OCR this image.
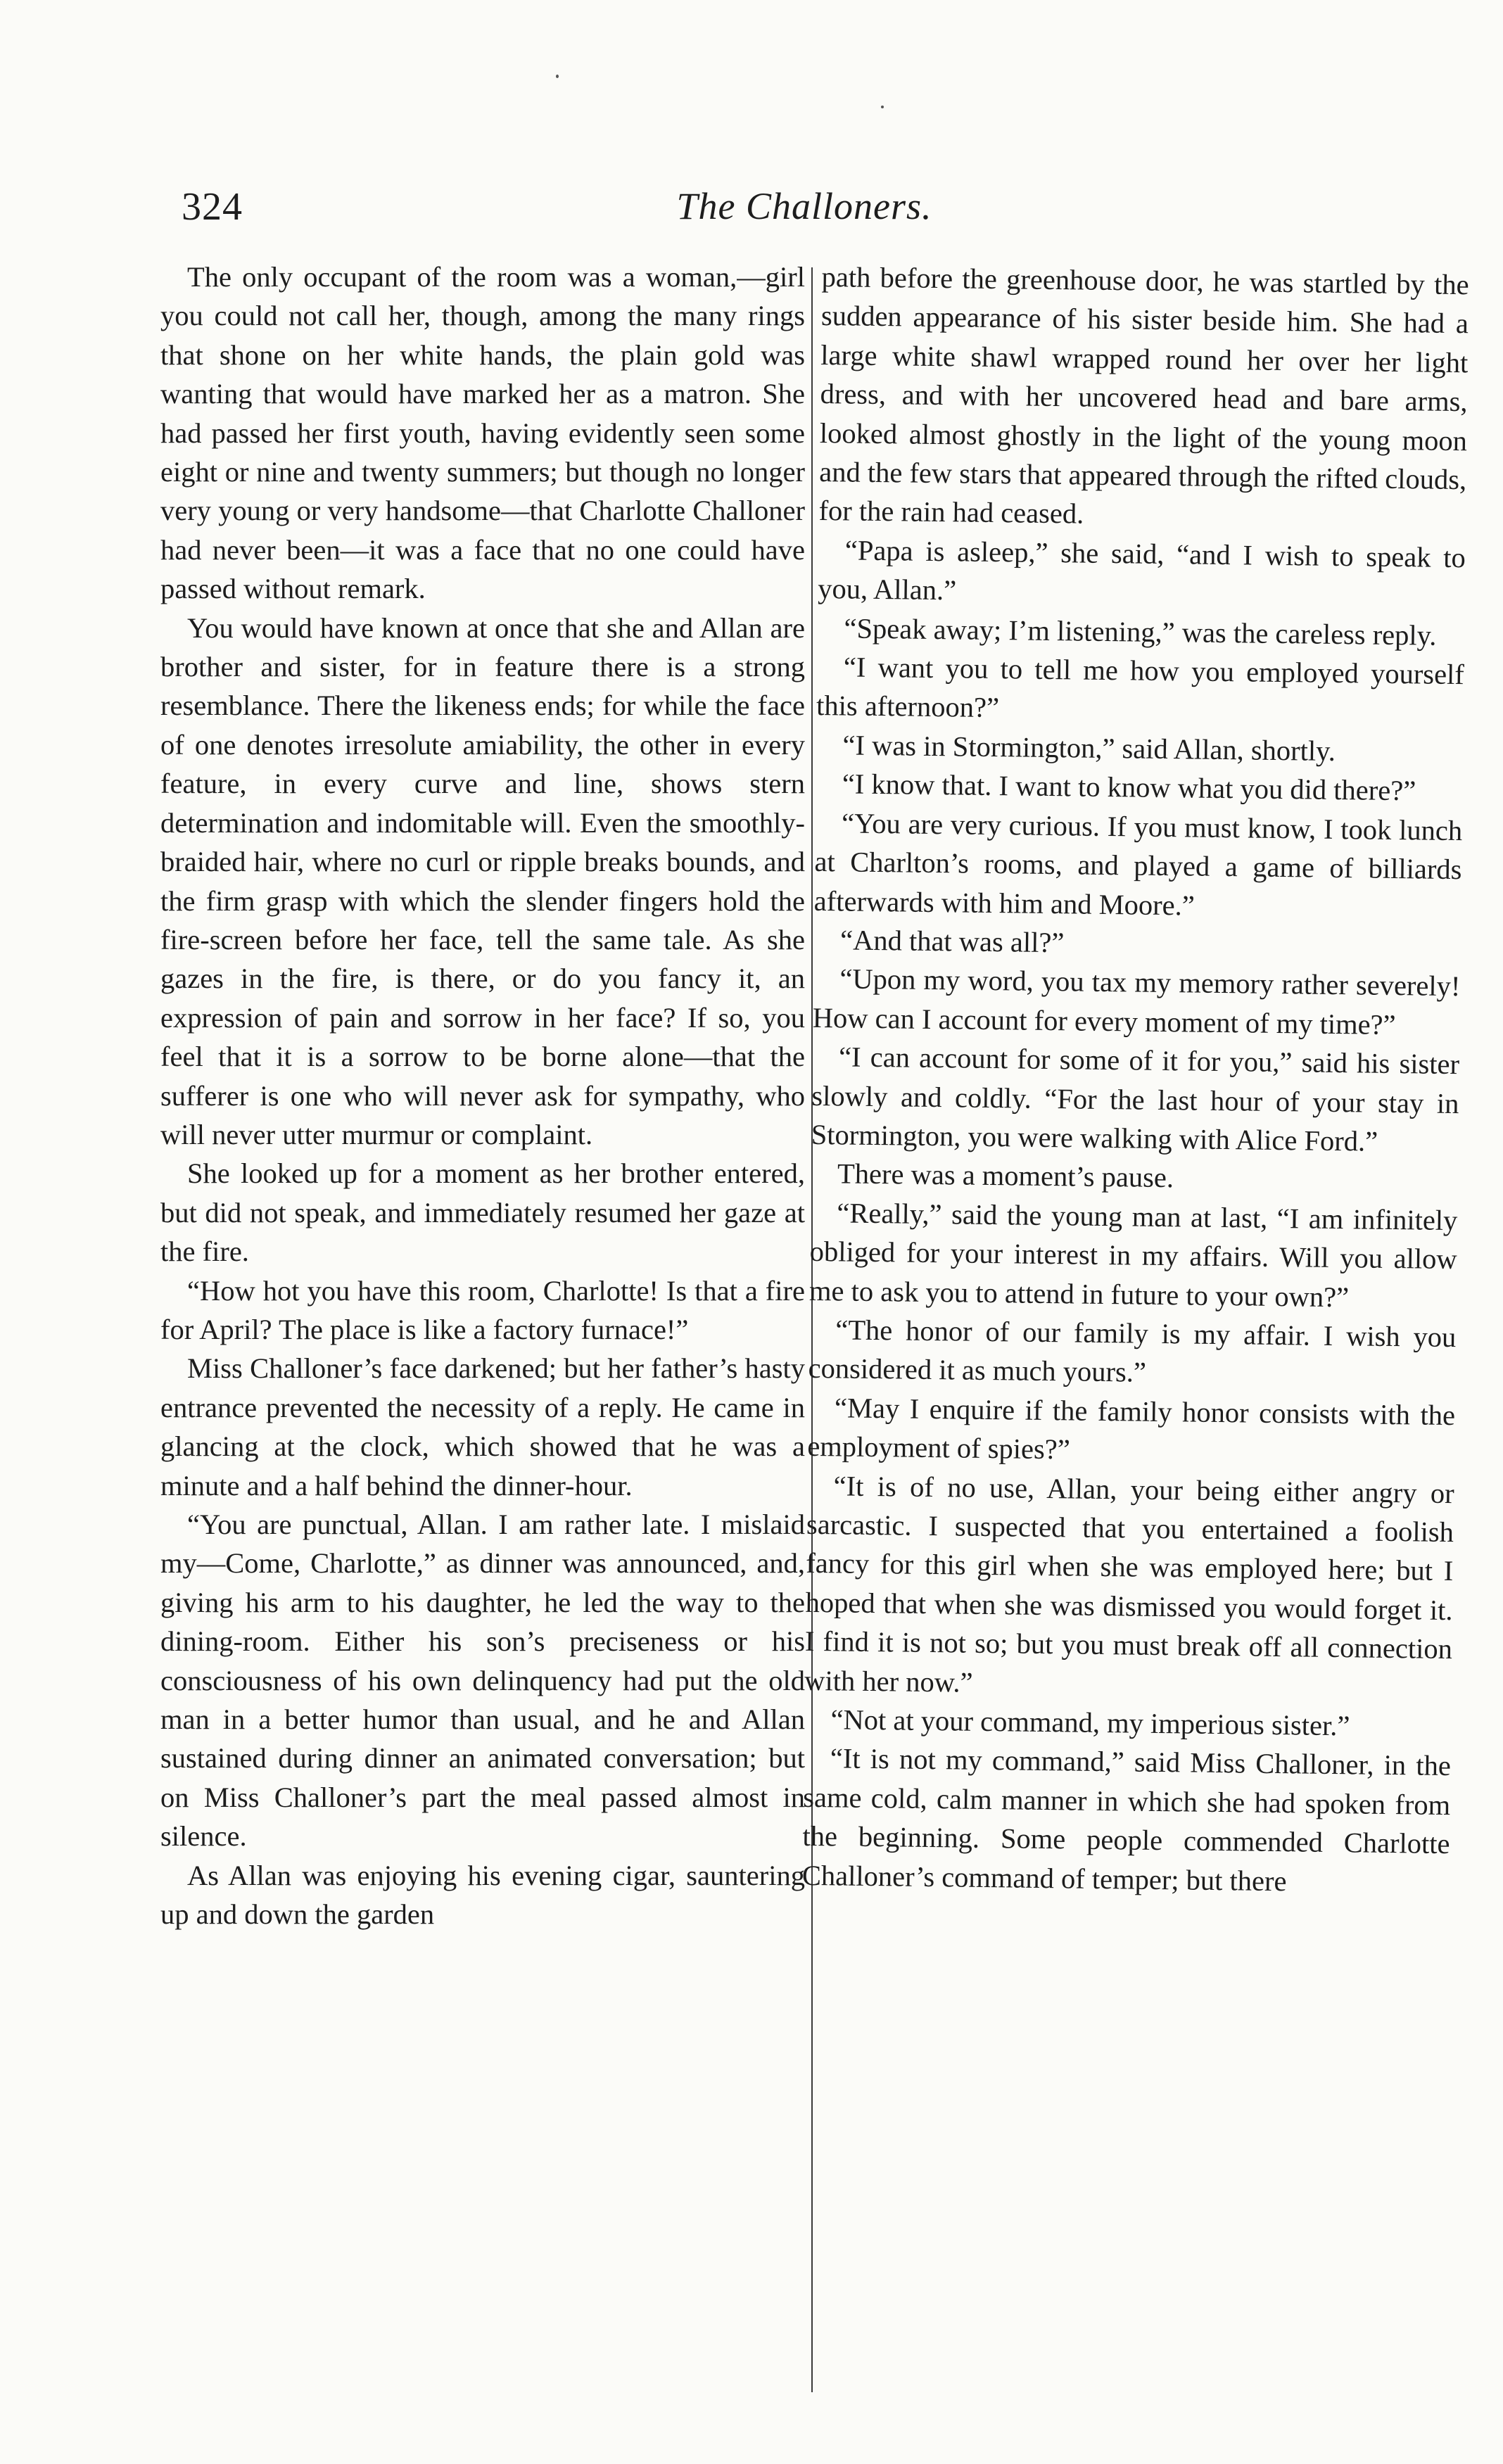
324	The Challoners.

The only occupant of the room was a woman,—girl you could not call her, though, among the many rings that shone on her white hands, the plain gold was wanting that would have marked her as a matron. She had passed her first youth, having evidently seen some eight or nine and twenty summers; but though no longer very young or very handsome—that Charlotte Challoner had never been—it was a face that no one could have passed without remark.

You would have known at once that she and Allan are brother and sister, for in feature there is a strong resemblance. There the likeness ends; for while the face of one denotes irresolute amiability, the other in every feature, in every curve and line, shows stern determination and indomitable will. Even the smoothly-braided hair, where no curl or ripple breaks bounds, and the firm grasp with which the slender fingers hold the fire-screen before her face, tell the same tale. As she gazes in the fire, is there, or do you fancy it, an expression of pain and sorrow in her face? If so, you feel that it is a sorrow to be borne alone—that the sufferer is one who will never ask for sympathy, who will never utter murmur or complaint.

She looked up for a moment as her brother entered, but did not speak, and immediately resumed her gaze at the fire.

“How hot you have this room, Charlotte! Is that a fire for April? The place is like a factory furnace!”

Miss Challoner’s face darkened; but her father’s hasty entrance prevented the necessity of a reply. He came in glancing at the clock, which showed that he was a minute and a half behind the dinner-hour.

“You are punctual, Allan. I am rather late. I mislaid my—Come, Charlotte,” as dinner was announced, and, giving his arm to his daughter, he led the way to the dining-room. Either his son’s preciseness or his consciousness of his own delinquency had put the old man in a better humor than usual, and he and Allan sustained during dinner an animated conversation; but on Miss Challoner’s part the meal passed almost in silence.

As Allan was enjoying his evening cigar, sauntering up and down the garden

path before the greenhouse door, he was startled by the sudden appearance of his sister beside him. She had a large white shawl wrapped round her over her light dress, and with her uncovered head and bare arms, looked almost ghostly in the light of the young moon and the few stars that appeared through the rifted clouds, for the rain had ceased.

“Papa is asleep,” she said, “and I wish to speak to you, Allan.”

“Speak away; I’m listening,” was the careless reply.

“I want you to tell me how you employed yourself this afternoon?”

“I was in Stormington,” said Allan, shortly.

“I know that. I want to know what you did there?”

“You are very curious. If you must know, I took lunch at Charlton’s rooms, and played a game of billiards afterwards with him and Moore.”

“And that was all?”

“Upon my word, you tax my memory rather severely! How can I account for every moment of my time?”

“I can account for some of it for you,” said his sister slowly and coldly. “For the last hour of your stay in Stormington, you were walking with Alice Ford.”

There was a moment’s pause.

“Really,” said the young man at last, “I am infinitely obliged for your interest in my affairs. Will you allow me to ask you to attend in future to your own?”

“The honor of our family is my affair. I wish you considered it as much yours.”

“May I enquire if the family honor consists with the employment of spies?”

“It is of no use, Allan, your being either angry or sarcastic. I suspected that you entertained a foolish fancy for this girl when she was employed here; but I hoped that when she was dismissed you would forget it. I find it is not so; but you must break off all connection with her now.”

“Not at your command, my imperious sister.”

“It is not my command,” said Miss Challoner, in the same cold, calm manner in which she had spoken from the beginning. Some people commended Charlotte Challoner’s command of temper; but there
